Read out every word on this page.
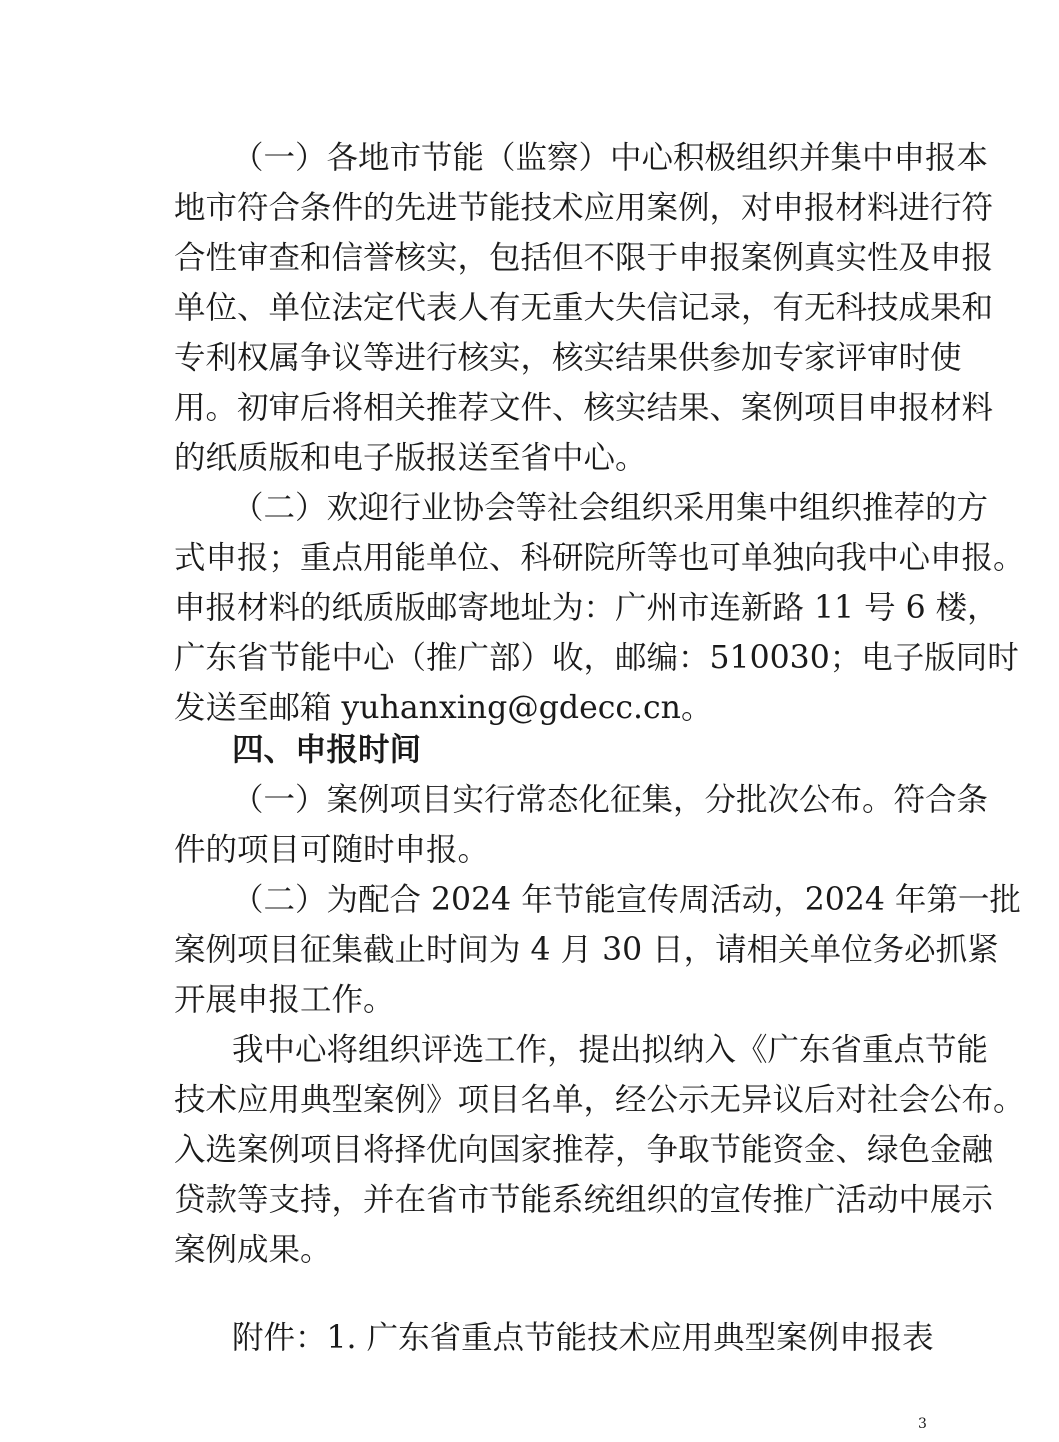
（一）各地市节能（监察）中心积极组织并集中申报本
地市符合条件的先进节能技术应用案例，对申报材料进行符
合性审查和信誉核实，包括但不限于申报案例真实性及申报
单位、单位法定代表人有无重大失信记录，有无科技成果和
专利权属争议等进行核实，核实结果供参加专家评审时使
用。初审后将相关推荐文件、核实结果、案例项目申报材料
的纸质版和电子版报送至省中心。
（二）欢迎行业协会等社会组织采用集中组织推荐的方
式申报；重点用能单位、科研院所等也可单独向我中心申报。
申报材料的纸质版邮寄地址为：广州市连新路 11 号 6 楼，
广东省节能中心（推广部）收，邮编：510030；电子版同时
发送至邮箱 yuhanxing@gdecc.cn。
四、申报时间
（一）案例项目实行常态化征集，分批次公布。符合条
件的项目可随时申报。
（二）为配合 2024 年节能宣传周活动，2024 年第一批
案例项目征集截止时间为 4 月 30 日，请相关单位务必抓紧
开展申报工作。
我中心将组织评选工作，提出拟纳入《广东省重点节能
技术应用典型案例》项目名单，经公示无异议后对社会公布。
入选案例项目将择优向国家推荐，争取节能资金、绿色金融
贷款等支持，并在省市节能系统组织的宣传推广活动中展示
案例成果。
附件：1. 广东省重点节能技术应用典型案例申报表
3
